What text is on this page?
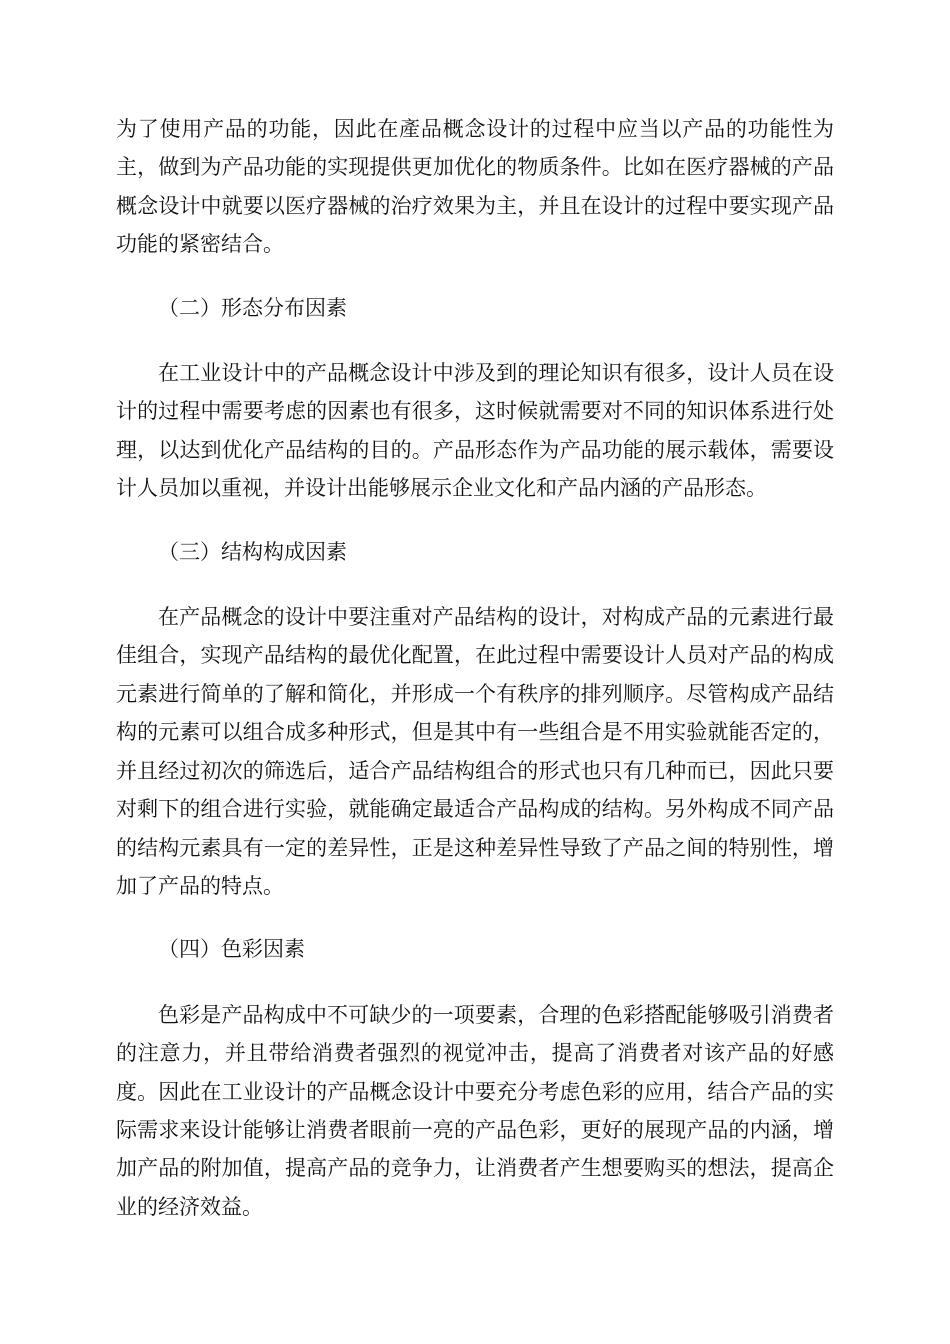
为了使用产品的功能，因此在產品概念设计的过程中应当以产品的功能性为主，做到为产品功能的实现提供更加优化的物质条件。比如在医疗器械的产品概念设计中就要以医疗器械的治疗效果为主，并且在设计的过程中要实现产品功能的紧密结合。

（二）形态分布因素

在工业设计中的产品概念设计中涉及到的理论知识有很多，设计人员在设计的过程中需要考虑的因素也有很多，这时候就需要对不同的知识体系进行处理，以达到优化产品结构的目的。产品形态作为产品功能的展示载体，需要设计人员加以重视，并设计出能够展示企业文化和产品内涵的产品形态。

（三）结构构成因素

在产品概念的设计中要注重对产品结构的设计，对构成产品的元素进行最佳组合，实现产品结构的最优化配置，在此过程中需要设计人员对产品的构成元素进行简单的了解和简化，并形成一个有秩序的排列顺序。尽管构成产品结构的元素可以组合成多种形式，但是其中有一些组合是不用实验就能否定的，并且经过初次的筛选后，适合产品结构组合的形式也只有几种而已，因此只要对剩下的组合进行实验，就能确定最适合产品构成的结构。另外构成不同产品的结构元素具有一定的差异性，正是这种差异性导致了产品之间的特别性，增加了产品的特点。

（四）色彩因素

色彩是产品构成中不可缺少的一项要素，合理的色彩搭配能够吸引消费者的注意力，并且带给消费者强烈的视觉冲击，提高了消费者对该产品的好感度。因此在工业设计的产品概念设计中要充分考虑色彩的应用，结合产品的实际需求来设计能够让消费者眼前一亮的产品色彩，更好的展现产品的内涵，增加产品的附加值，提高产品的竞争力，让消费者产生想要购买的想法，提高企业的经济效益。
